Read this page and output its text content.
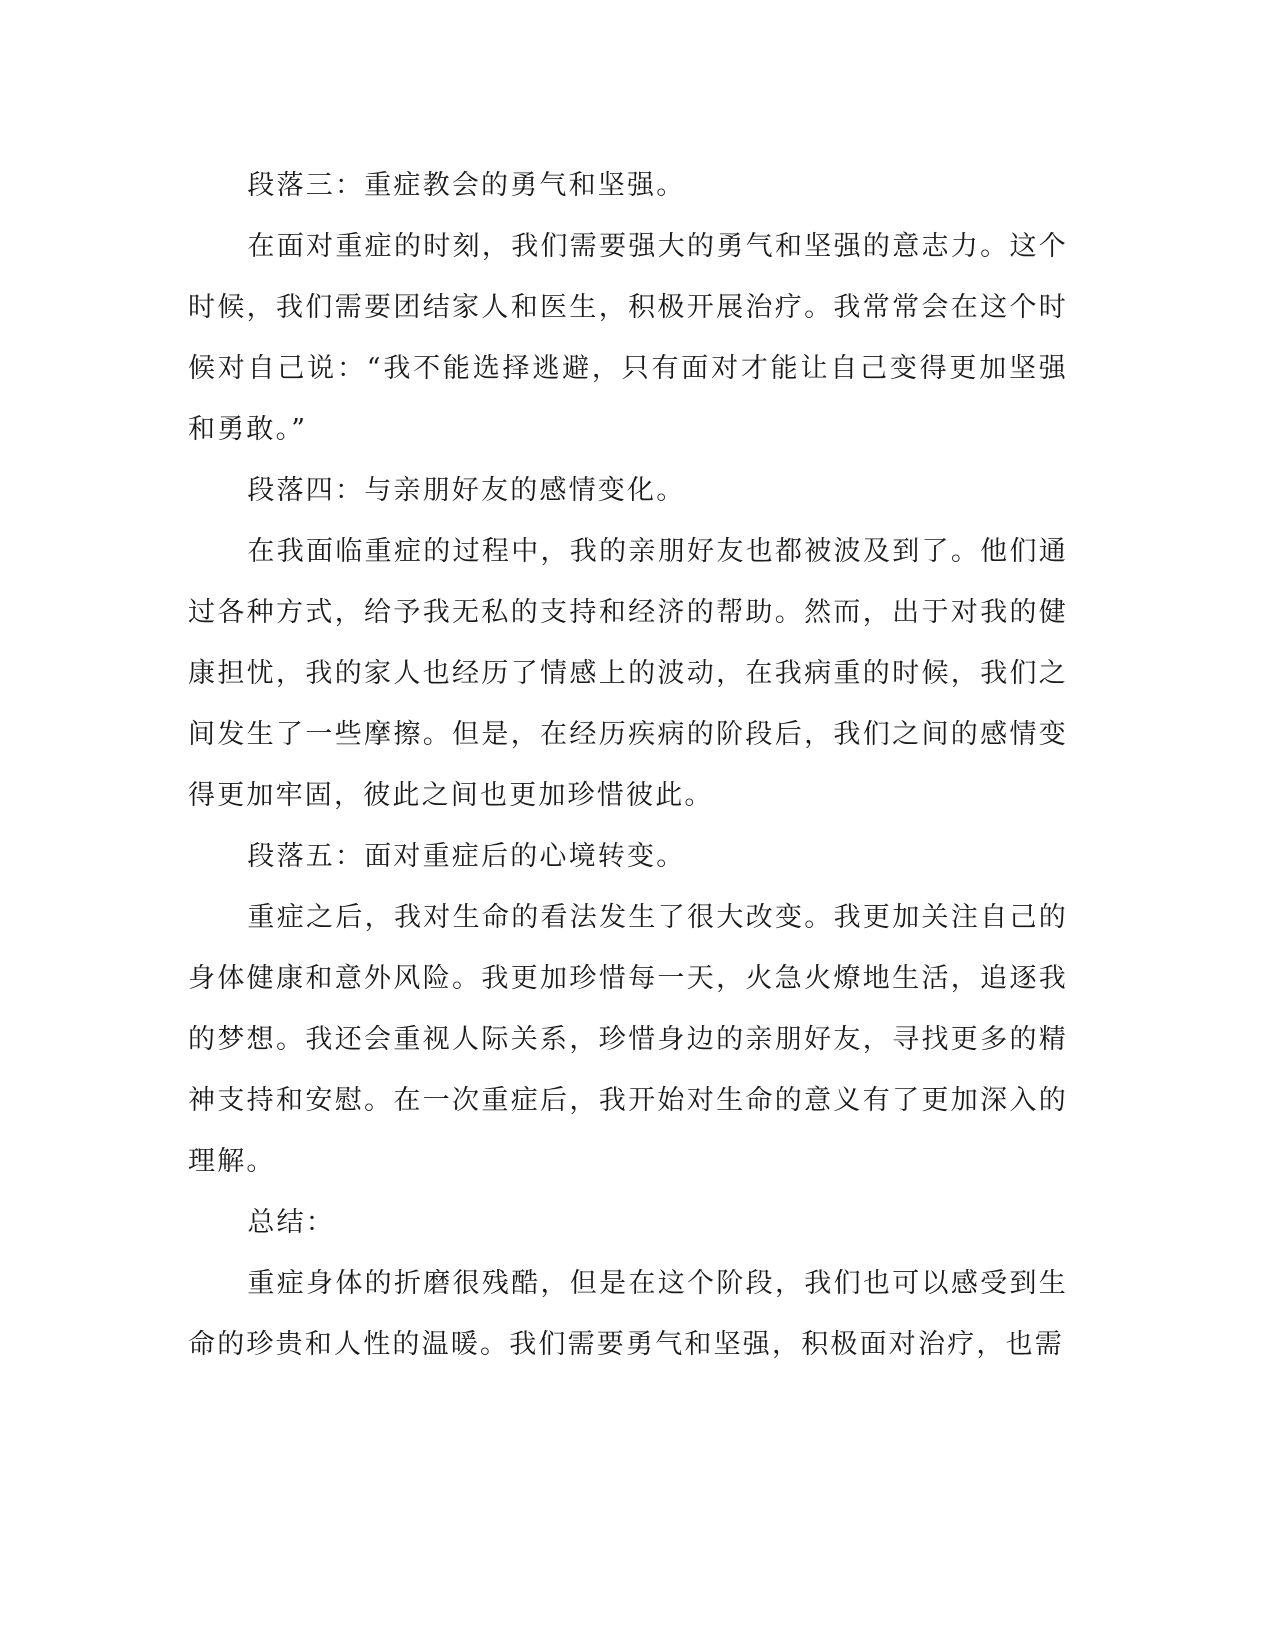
段落三：重症教会的勇气和坚强。

在面对重症的时刻，我们需要强大的勇气和坚强的意志力。这个时候，我们需要团结家人和医生，积极开展治疗。我常常会在这个时候对自己说：“我不能选择逃避，只有面对才能让自己变得更加坚强和勇敢。”

段落四：与亲朋好友的感情变化。

在我面临重症的过程中，我的亲朋好友也都被波及到了。他们通过各种方式，给予我无私的支持和经济的帮助。然而，出于对我的健康担忧，我的家人也经历了情感上的波动，在我病重的时候，我们之间发生了一些摩擦。但是，在经历疾病的阶段后，我们之间的感情变得更加牢固，彼此之间也更加珍惜彼此。

段落五：面对重症后的心境转变。

重症之后，我对生命的看法发生了很大改变。我更加关注自己的身体健康和意外风险。我更加珍惜每一天，火急火燎地生活，追逐我的梦想。我还会重视人际关系，珍惜身边的亲朋好友，寻找更多的精神支持和安慰。在一次重症后，我开始对生命的意义有了更加深入的理解。

总结：

重症身体的折磨很残酷，但是在这个阶段，我们也可以感受到生命的珍贵和人性的温暖。我们需要勇气和坚强，积极面对治疗，也需
